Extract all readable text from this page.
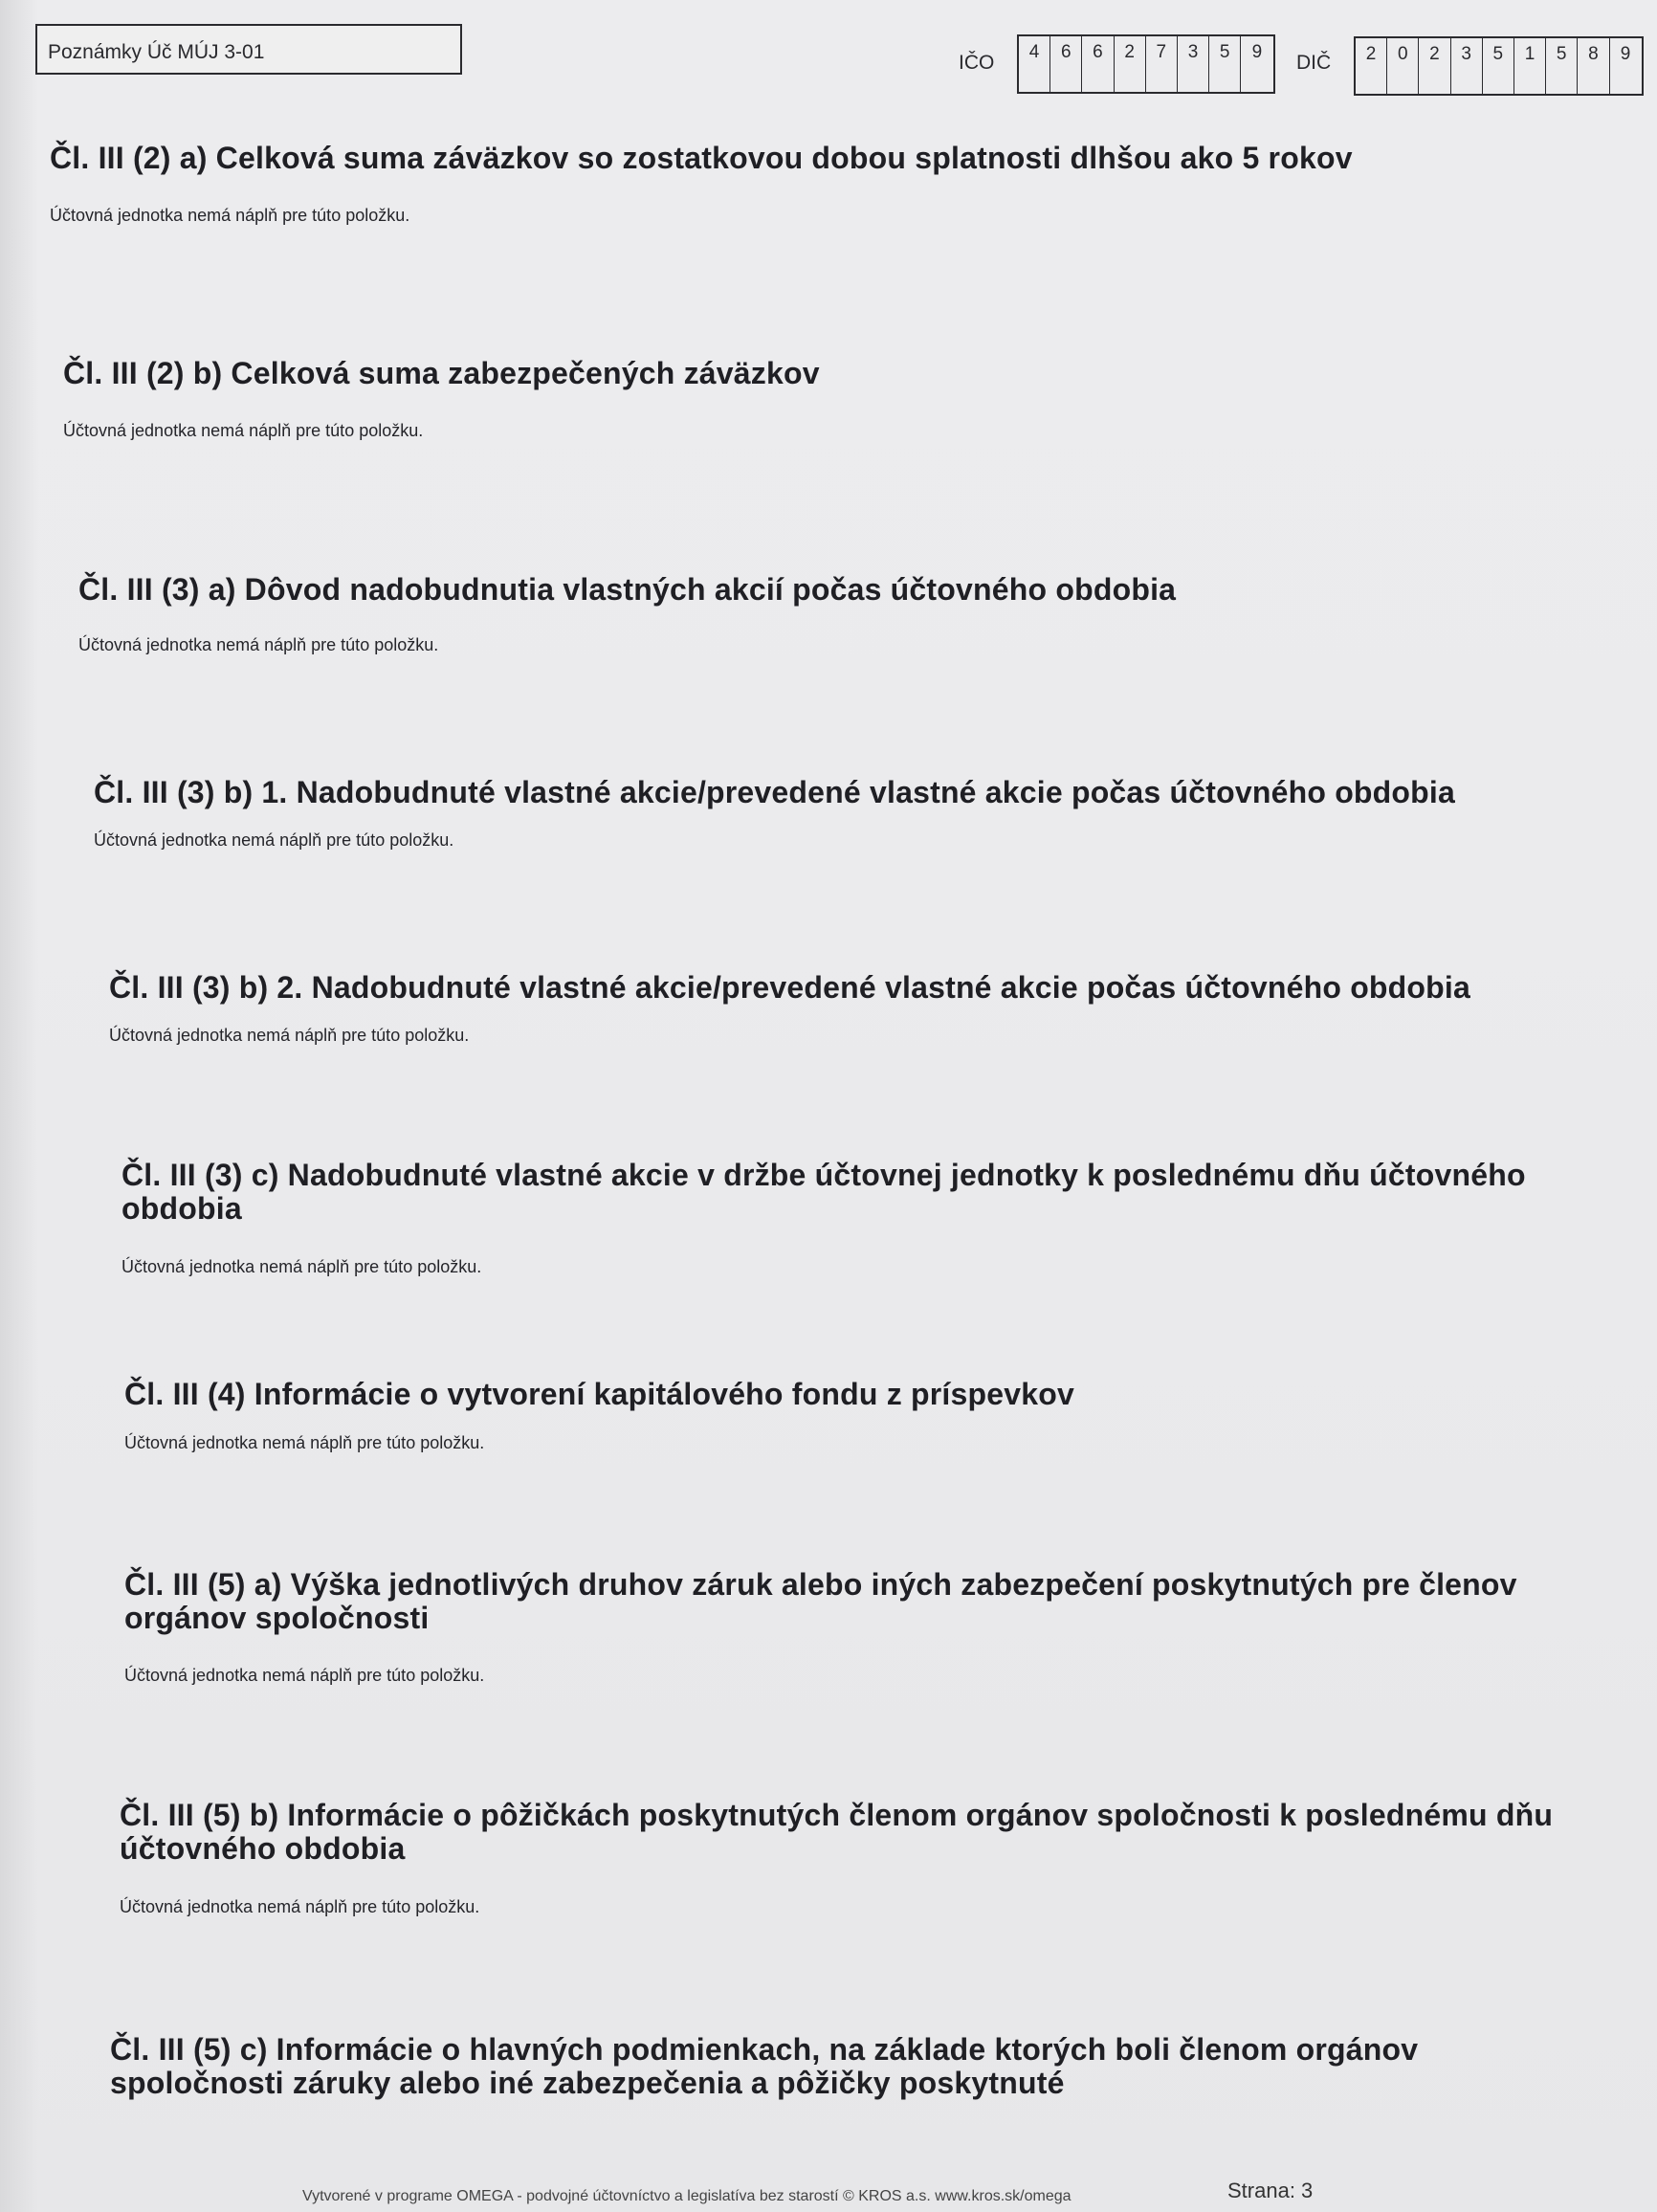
Poznámky Úč MÚJ 3-01	IČO	4	6	6	2	7	3	5	9	DIČ	2	0	2	3	5	1	5	8	9
Čl. III (2) a) Celková suma záväzkov so zostatkovou dobou splatnosti dlhšou ako 5 rokov

Účtovná jednotka nemá náplň pre túto položku.

Čl. III (2) b) Celková suma zabezpečených záväzkov

Účtovná jednotka nemá náplň pre túto položku.

Čl. III (3) a) Dôvod nadobudnutia vlastných akcií počas účtovného obdobia

Účtovná jednotka nemá náplň pre túto položku.

Čl. III (3) b) 1. Nadobudnuté vlastné akcie/prevedené vlastné akcie počas účtovného obdobia

Účtovná jednotka nemá náplň pre túto položku.

Čl. III (3) b) 2. Nadobudnuté vlastné akcie/prevedené vlastné akcie počas účtovného obdobia

Účtovná jednotka nemá náplň pre túto položku.

Čl. III (3) c) Nadobudnuté vlastné akcie v držbe účtovnej jednotky k poslednému dňu účtovného obdobia

Účtovná jednotka nemá náplň pre túto položku.

Čl. III (4) Informácie o vytvorení kapitálového fondu z príspevkov

Účtovná jednotka nemá náplň pre túto položku.

Čl. III (5) a) Výška jednotlivých druhov záruk alebo iných zabezpečení poskytnutých pre členov orgánov spoločnosti

Účtovná jednotka nemá náplň pre túto položku.

Čl. III (5) b) Informácie o pôžičkách poskytnutých členom orgánov spoločnosti k poslednému dňu účtovného obdobia

Účtovná jednotka nemá náplň pre túto položku.

Čl. III (5) c) Informácie o hlavných podmienkach, na základe ktorých boli členom orgánov spoločnosti záruky alebo iné zabezpečenia a pôžičky poskytnuté
Vytvorené v programe OMEGA - podvojné účtovníctvo a legislatíva bez starostí © KROS a.s. www.kros.sk/omega	Strana: 3
